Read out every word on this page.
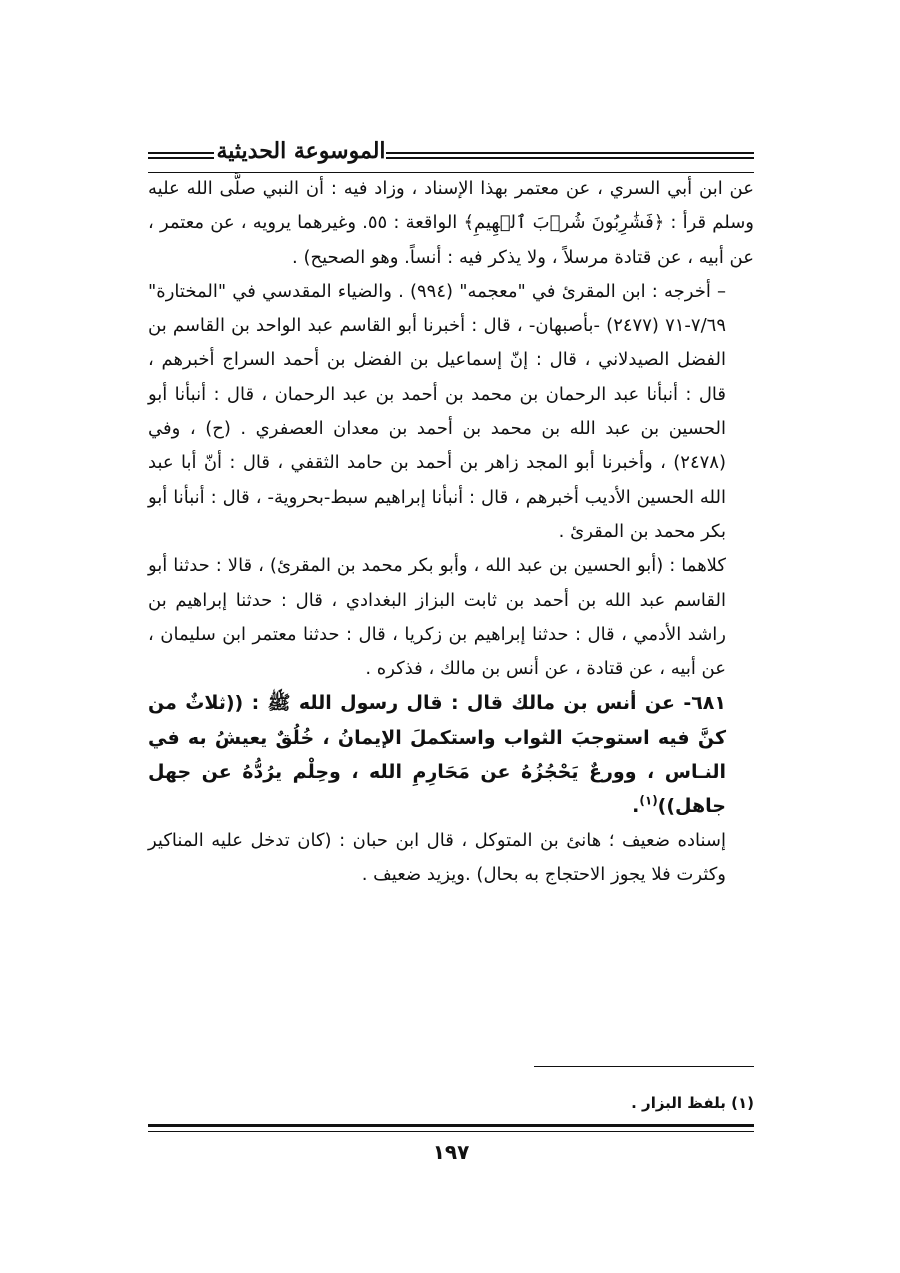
الموسوعة الحديثية

عن ابن أبي السري ، عن معتمر بهذا الإسناد ، وزاد فيه : أن النبي صلَّى الله عليه وسلم قرأ : ﴿فَشَٰرِبُونَ شُرۡبَ ٱلۡهِيمِ﴾ الواقعة : ٥٥. وغيرهما يرويه ، عن معتمر ، عن أبيه ، عن قتادة مرسلاً ، ولا يذكر فيه : أنساً. وهو الصحيح) .

– أخرجه : ابن المقرئ في "معجمه" (٩٩٤) . والضياء المقدسي في "المختارة" ٧/٦٩-٧١ (٢٤٧٧) -بأصبهان- ، قال : أخبرنا أبو القاسم عبد الواحد بن القاسم بن الفضل الصيدلاني ، قال : إنّ إسماعيل بن الفضل بن أحمد السراج أخبرهم ، قال : أنبأنا عبد الرحمان بن محمد بن أحمد بن عبد الرحمان ، قال : أنبأنا أبو الحسين بن عبد الله بن محمد بن أحمد بن معدان العصفري . (ح) ، وفي (٢٤٧٨) ، وأخبرنا أبو المجد زاهر بن أحمد بن حامد الثقفي ، قال : أنّ أبا عبد الله الحسين الأديب أخبرهم ، قال : أنبأنا إبراهيم سبط-بحروية- ، قال : أنبأنا أبو بكر محمد بن المقرئ .

كلاهما : (أبو الحسين بن عبد الله ، وأبو بكر محمد بن المقرئ) ، قالا : حدثنا أبو القاسم عبد الله بن أحمد بن ثابت البزاز البغدادي ، قال : حدثنا إبراهيم بن راشد الأدمي ، قال : حدثنا إبراهيم بن زكريا ، قال : حدثنا معتمر ابن سليمان ، عن أبيه ، عن قتادة ، عن أنس بن مالك ، فذكره .

٦٨١- عن أنس بن مالك قال : قال رسول الله ﷺ : ((ثلاثٌ من كنَّ فيه استوجبَ الثواب واستكملَ الإيمانُ ، خُلُقٌ يعيشُ به في النـاس ، وورعٌ يَحْجُزُهُ عن مَحَارِمِ الله ، وحِلْم يرُدُّهُ عن جهل جاهل))$^{(١)}$.

إسناده ضعيف ؛ هانئ بن المتوكل ، قال ابن حبان : (كان تدخل عليه المناكير وكثرت فلا يجوز الاحتجاج به بحال) .ويزيد ضعيف .

(١) بلفظ البزار .
١٩٧
